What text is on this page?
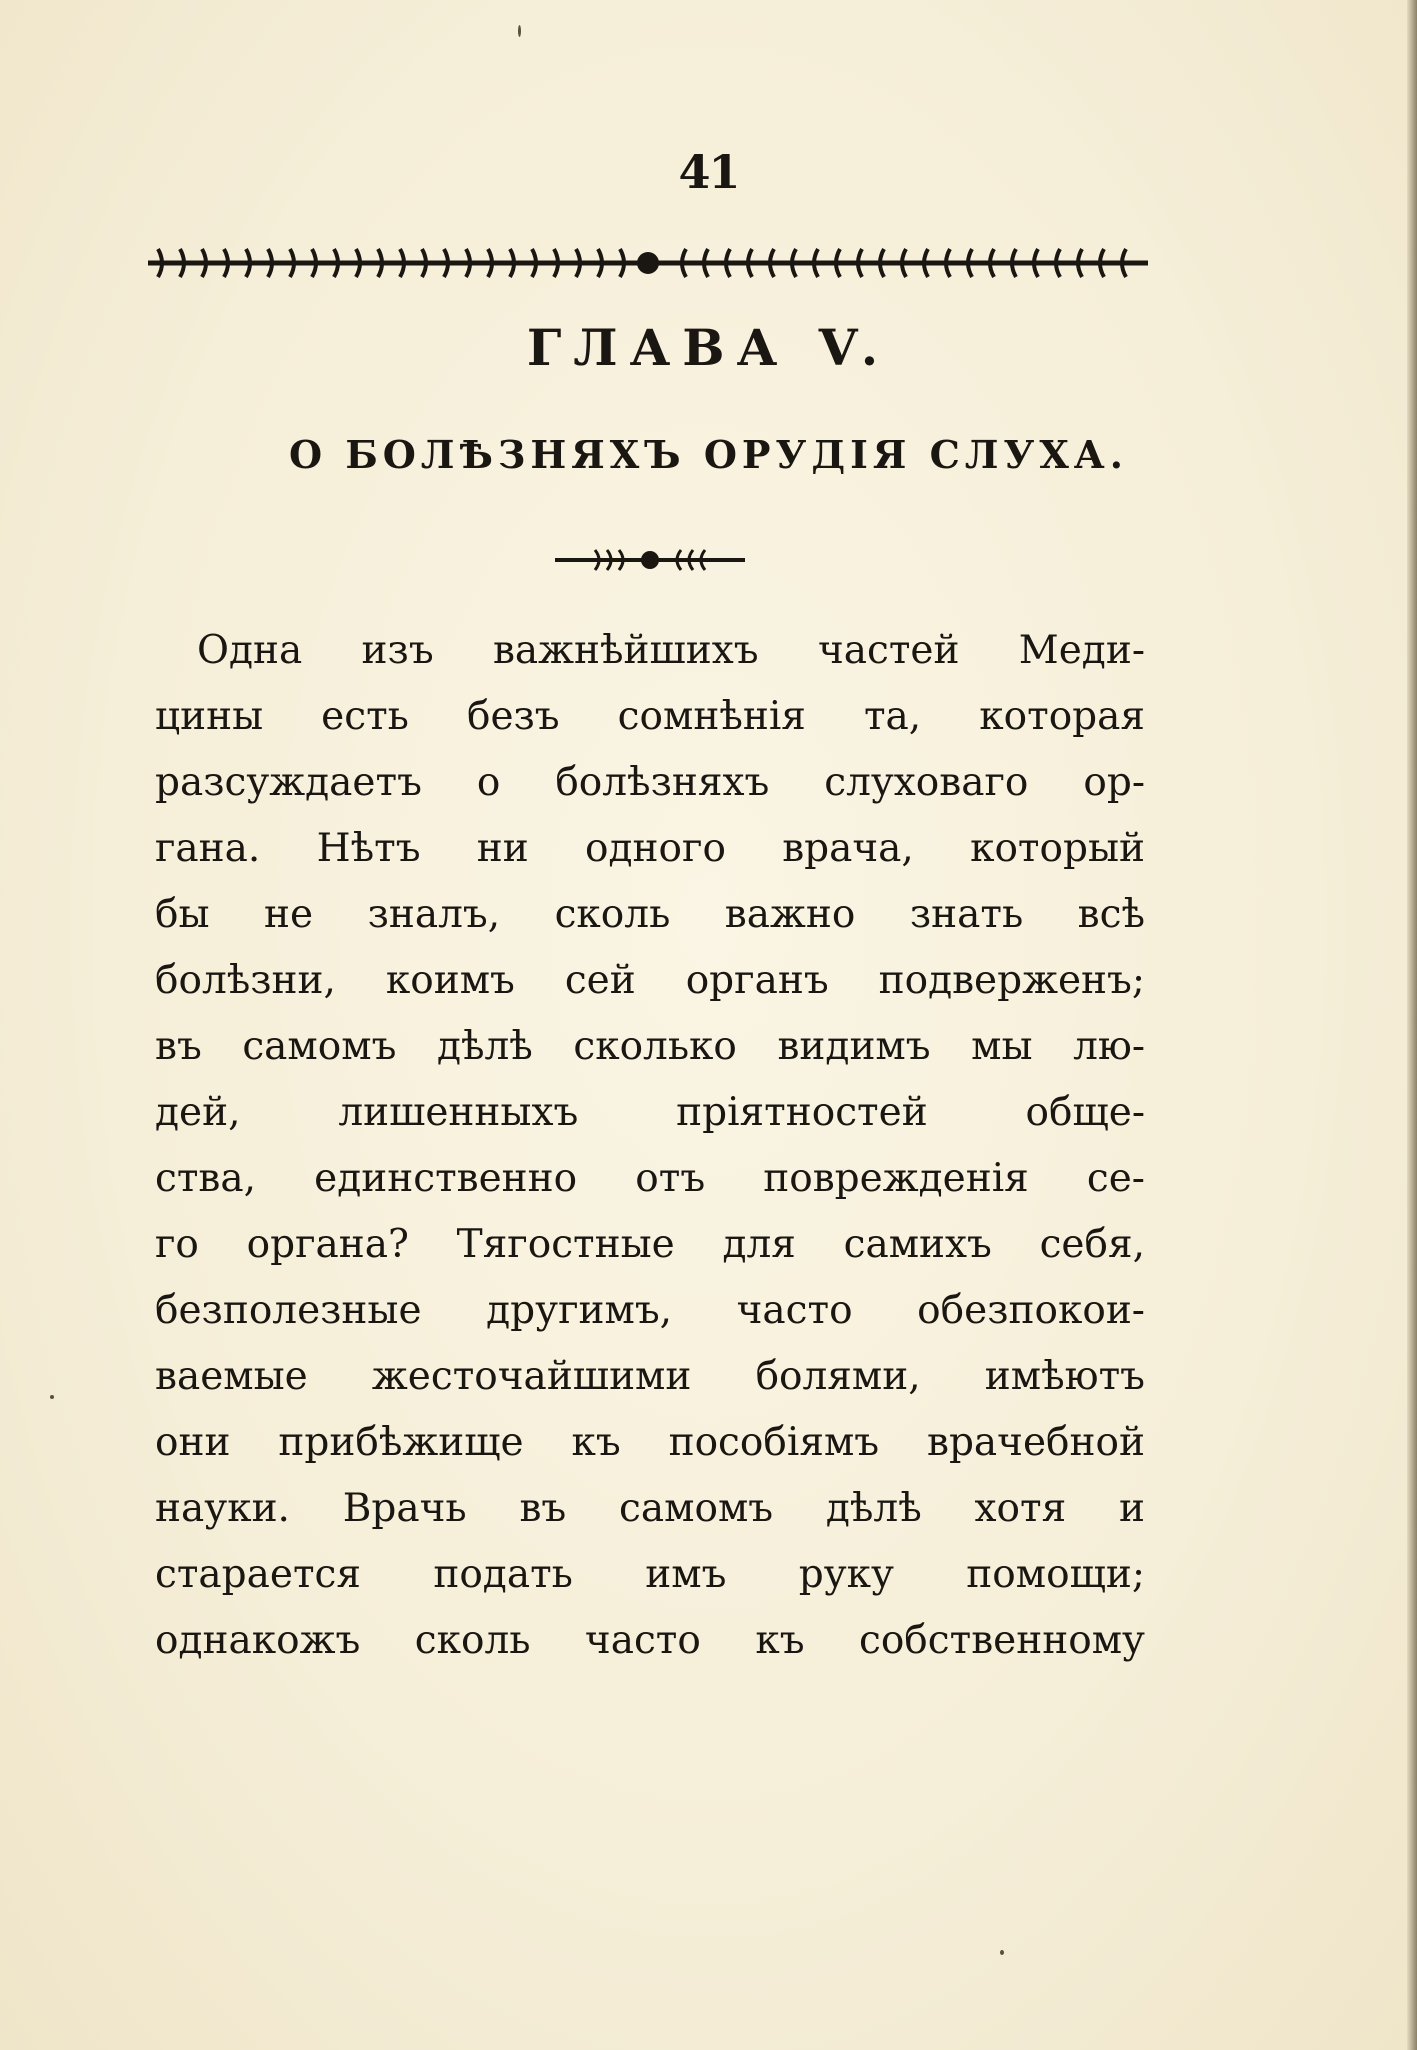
41
ГЛАВА V.
О БОЛѢЗНЯХЪ ОРУДІЯ СЛУХА.
Одна изъ важнѣйшихъ частей Меди-
цины есть безъ сомнѣнія та, которая
разсуждаетъ о болѣзняхъ слуховаго ор-
гана. Нѣтъ ни одного врача, который
бы не зналъ, сколь важно знать всѣ
болѣзни, коимъ сей органъ подверженъ;
въ самомъ дѣлѣ сколько видимъ мы лю-
дей, лишенныхъ пріятностей обще-
ства, единственно отъ поврежденія се-
го органа? Тягостные для самихъ себя,
безполезные другимъ, часто обезпокои-
ваемые жесточайшими болями, имѣютъ
они прибѣжище къ пособіямъ врачебной
науки. Врачь въ самомъ дѣлѣ хотя и
старается подать имъ руку помощи;
однакожъ сколь часто къ собственному
